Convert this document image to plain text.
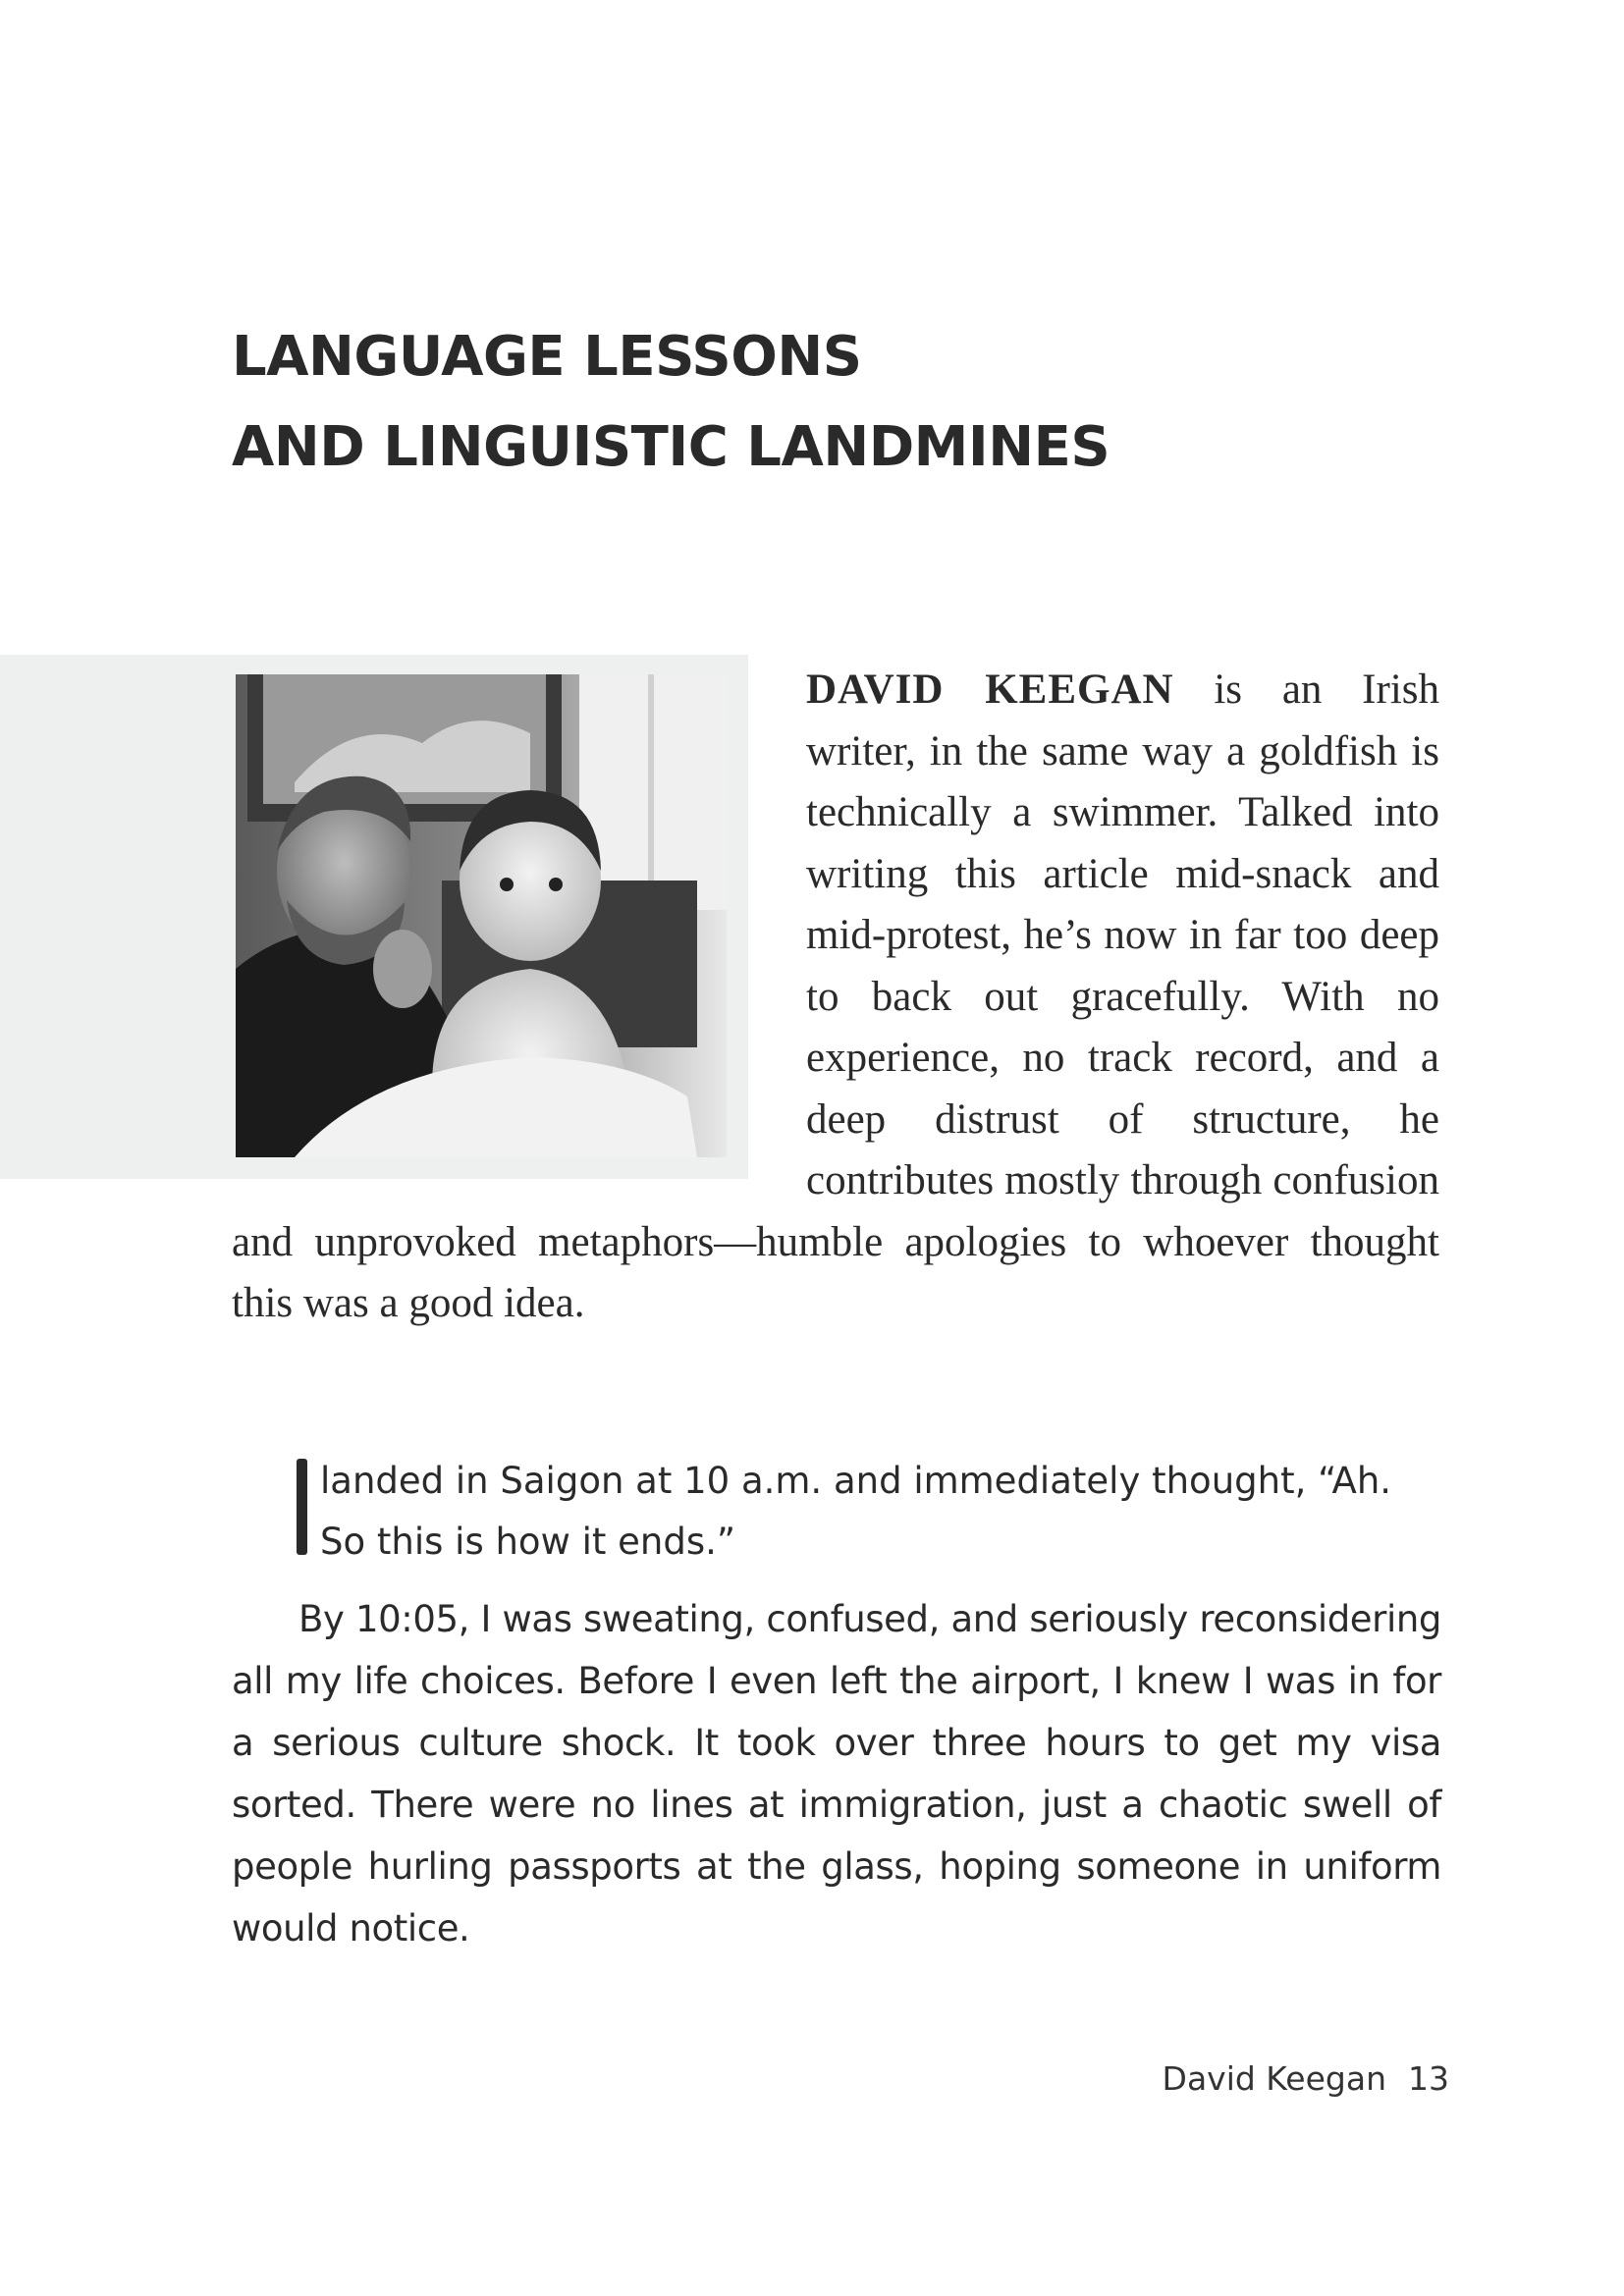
LANGUAGE LESSONS
AND LINGUISTIC LANDMINES

DAVID KEEGAN is an Irish writer, in the same way a goldfish is technically a swimmer. Talked into writing this article mid-snack and mid-protest, he’s now in far too deep to back out gracefully. With no experience, no track record, and a deep distrust of structure, he contributes mostly through confusion and unprovoked metaphors—humble apologies to whoever thought this was a good idea.

landed in Saigon at 10 a.m. and immediately thought, “Ah.
So this is how it ends.”

By 10:05, I was sweating, confused, and seriously reconsidering all my life choices. Before I even left the airport, I knew I was in for a serious culture shock. It took over three hours to get my visa sorted. There were no lines at immigration, just a chaotic swell of people hurling passports at the glass, hoping someone in uniform would notice.

David Keegan 13
